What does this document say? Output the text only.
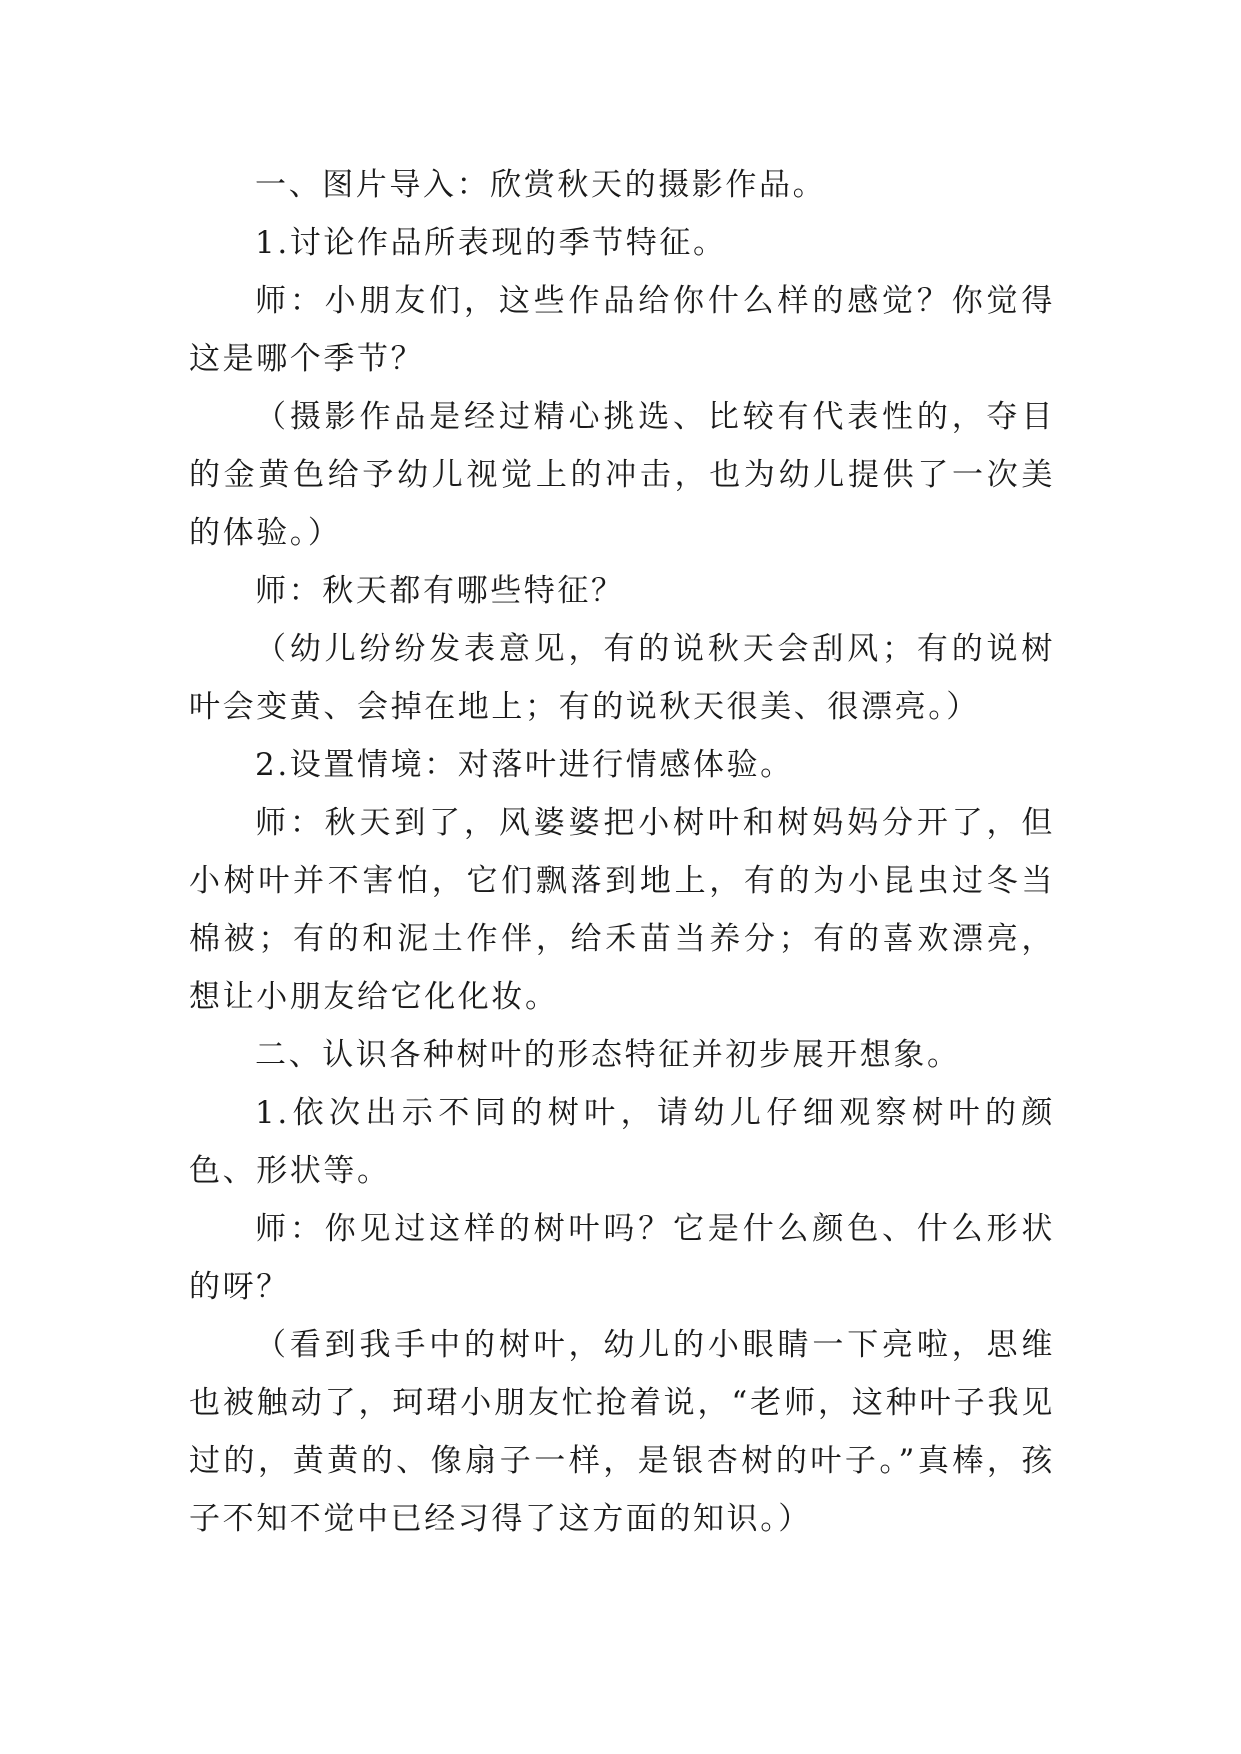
一、图片导入：欣赏秋天的摄影作品。

1.讨论作品所表现的季节特征。

师：小朋友们，这些作品给你什么样的感觉？你觉得这是哪个季节？

（摄影作品是经过精心挑选、比较有代表性的，夺目的金黄色给予幼儿视觉上的冲击，也为幼儿提供了一次美的体验。）

师：秋天都有哪些特征？

（幼儿纷纷发表意见，有的说秋天会刮风；有的说树叶会变黄、会掉在地上；有的说秋天很美、很漂亮。）

2.设置情境：对落叶进行情感体验。

师：秋天到了，风婆婆把小树叶和树妈妈分开了，但小树叶并不害怕，它们飘落到地上，有的为小昆虫过冬当棉被；有的和泥土作伴，给禾苗当养分；有的喜欢漂亮，想让小朋友给它化化妆。

二、认识各种树叶的形态特征并初步展开想象。

1.依次出示不同的树叶，请幼儿仔细观察树叶的颜色、形状等。

师：你见过这样的树叶吗？它是什么颜色、什么形状的呀？

（看到我手中的树叶，幼儿的小眼睛一下亮啦，思维也被触动了，珂珺小朋友忙抢着说，“老师，这种叶子我见过的，黄黄的、像扇子一样，是银杏树的叶子。”真棒，孩子不知不觉中已经习得了这方面的知识。）
